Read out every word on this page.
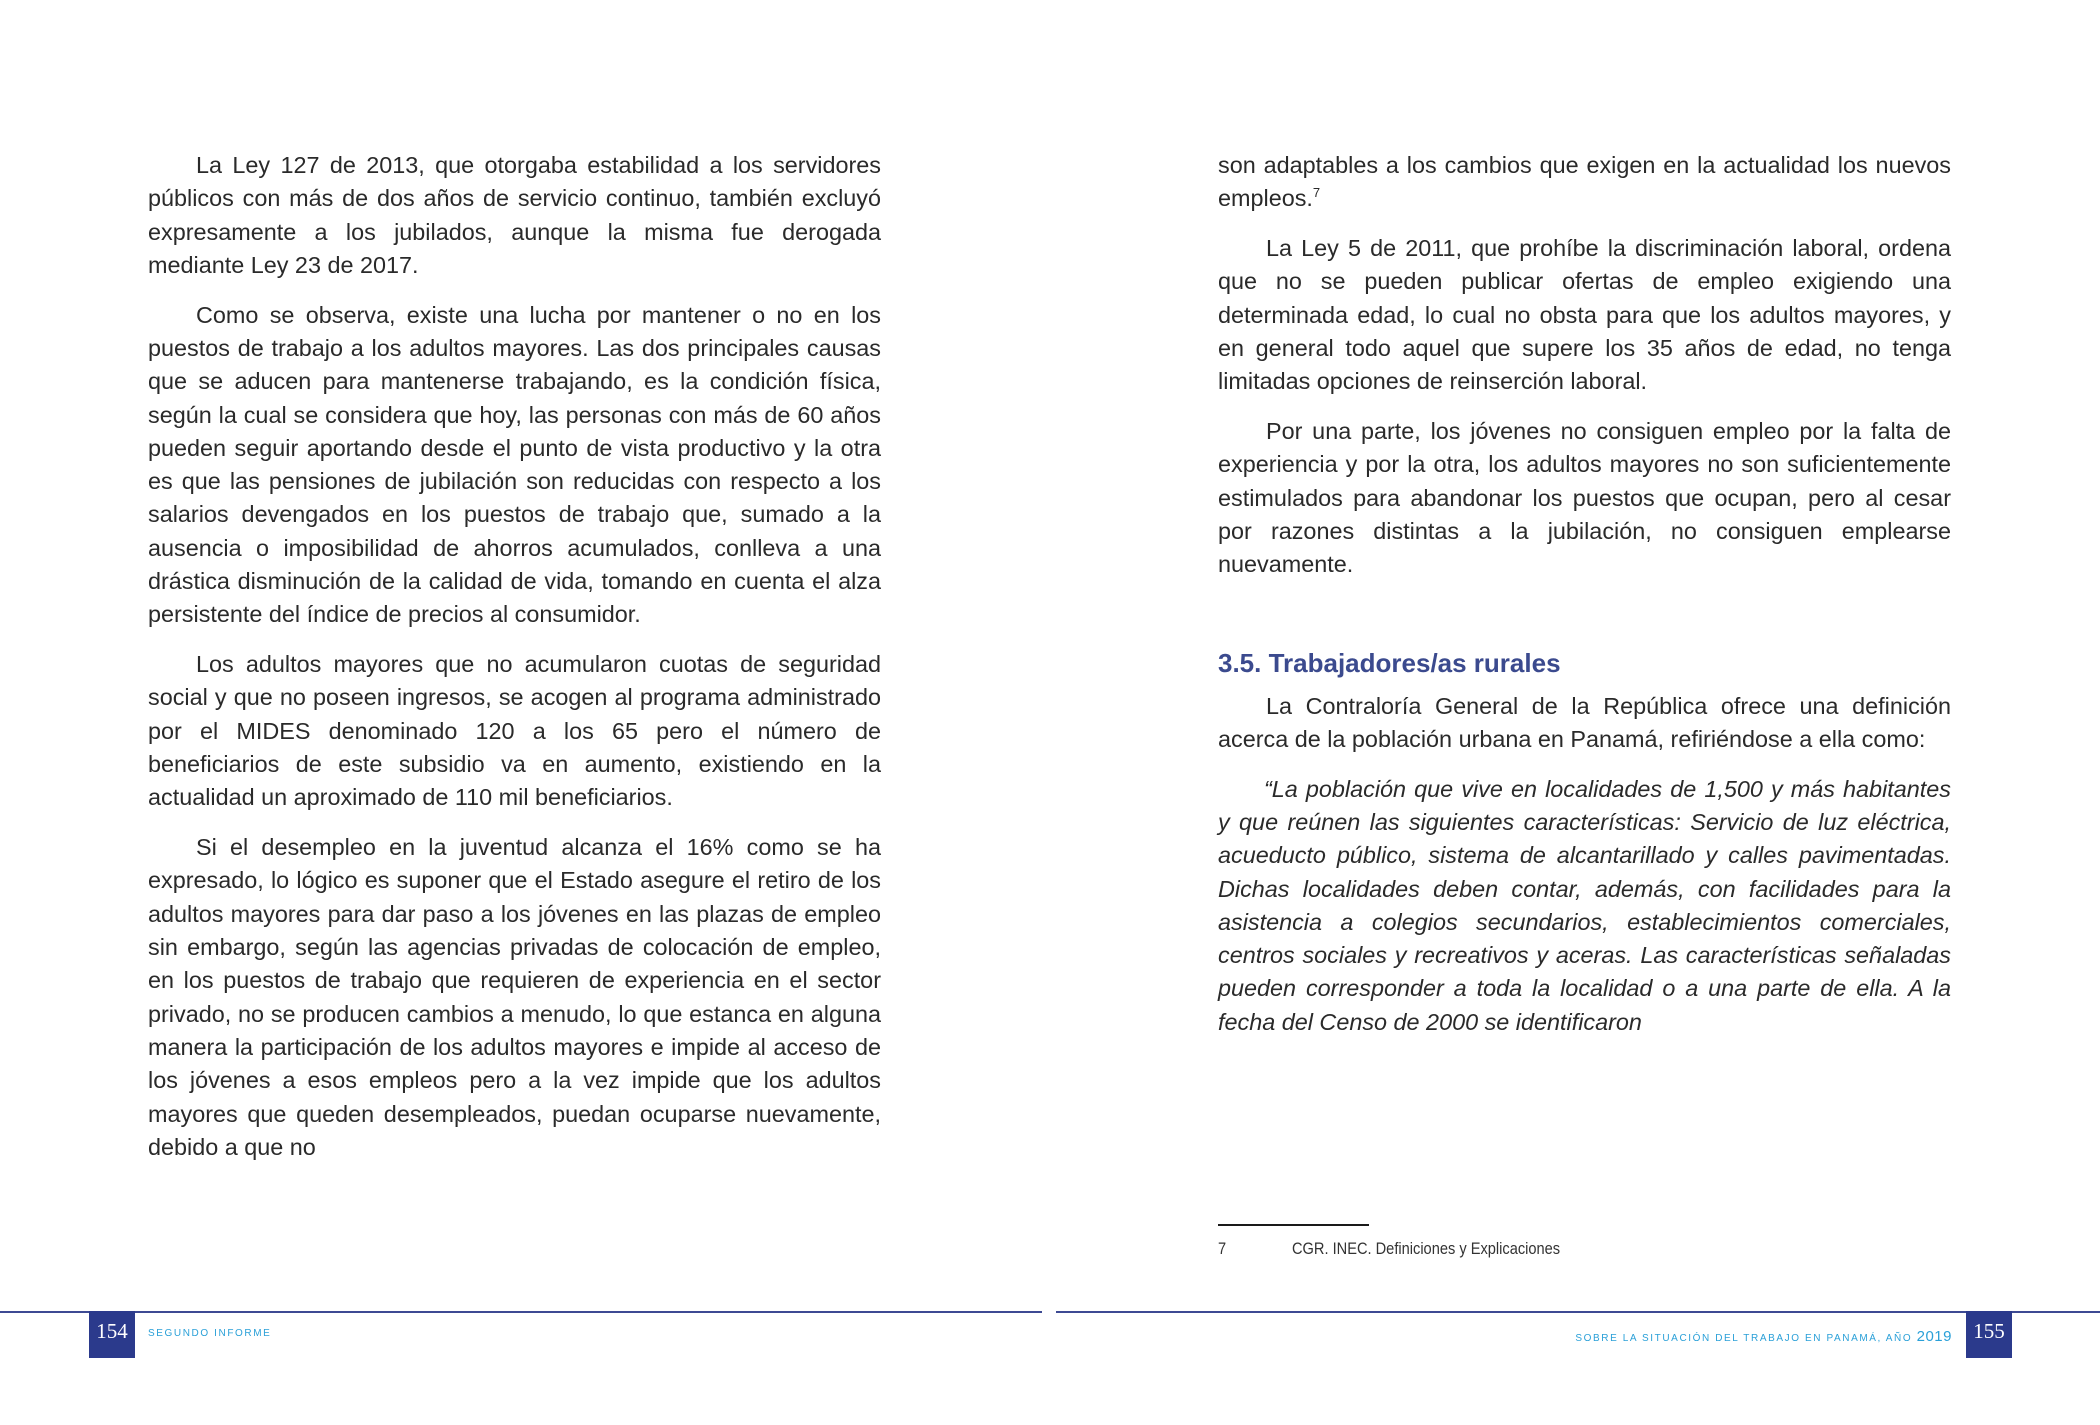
La Ley 127 de 2013, que otorgaba estabilidad a los servidores públicos con más de dos años de servicio continuo, también excluyó expresamente a los jubilados, aunque la misma fue derogada mediante Ley 23 de 2017.

Como se observa, existe una lucha por mantener o no en los puestos de trabajo a los adultos mayores. Las dos principales causas que se aducen para mantenerse trabajando, es la condición física, según la cual se considera que hoy, las personas con más de 60 años pueden seguir aportando desde el punto de vista productivo y la otra es que las pensiones de jubilación son reducidas con respecto a los salarios devengados en los puestos de trabajo que, sumado a la ausencia o imposibilidad de ahorros acumulados, conlleva a una drástica disminución de la calidad de vida, tomando en cuenta el alza persistente del índice de precios al consumidor.

Los adultos mayores que no acumularon cuotas de seguridad social y que no poseen ingresos, se acogen al programa administrado por el MIDES denominado 120 a los 65 pero el número de beneficiarios de este subsidio va en aumento, existiendo en la actualidad un aproximado de 110 mil beneficiarios.

Si el desempleo en la juventud alcanza el 16% como se ha expresado, lo lógico es suponer que el Estado asegure el retiro de los adultos mayores para dar paso a los jóvenes en las plazas de empleo sin embargo, según las agencias privadas de colocación de empleo, en los puestos de trabajo que requieren de experiencia en el sector privado, no se producen cambios a menudo, lo que estanca en alguna manera la participación de los adultos mayores e impide al acceso de los jóvenes a esos empleos pero a la vez impide que los adultos mayores que queden desempleados, puedan ocuparse nuevamente, debido a que no

son adaptables a los cambios que exigen en la actualidad los nuevos empleos.$^7$

La Ley 5 de 2011, que prohíbe la discriminación laboral, ordena que no se pueden publicar ofertas de empleo exigiendo una determinada edad, lo cual no obsta para que los adultos mayores, y en general todo aquel que supere los 35 años de edad, no tenga limitadas opciones de reinserción laboral.

Por una parte, los jóvenes no consiguen empleo por la falta de experiencia y por la otra, los adultos mayores no son suficientemente estimulados para abandonar los puestos que ocupan, pero al cesar por razones distintas a la jubilación, no consiguen emplearse nuevamente.

3.5. Trabajadores/as rurales

La Contraloría General de la República ofrece una definición acerca de la población urbana en Panamá, refiriéndose a ella como:

“La población que vive en localidades de 1,500 y más habitantes y que reúnen las siguientes características: Servicio de luz eléctrica, acueducto público, sistema de alcantarillado y calles pavimentadas. Dichas localidades deben contar, además, con facilidades para la asistencia a colegios secundarios, establecimientos comerciales, centros sociales y recreativos y aceras. Las características señaladas pueden corresponder a toda la localidad o a una parte de ella. A la fecha del Censo de 2000 se identificaron

7	CGR. INEC. Definiciones y Explicaciones
154	SEGUNDO INFORME	SOBRE LA SITUACIÓN DEL TRABAJO EN PANAMÁ, AÑO 2019	155
